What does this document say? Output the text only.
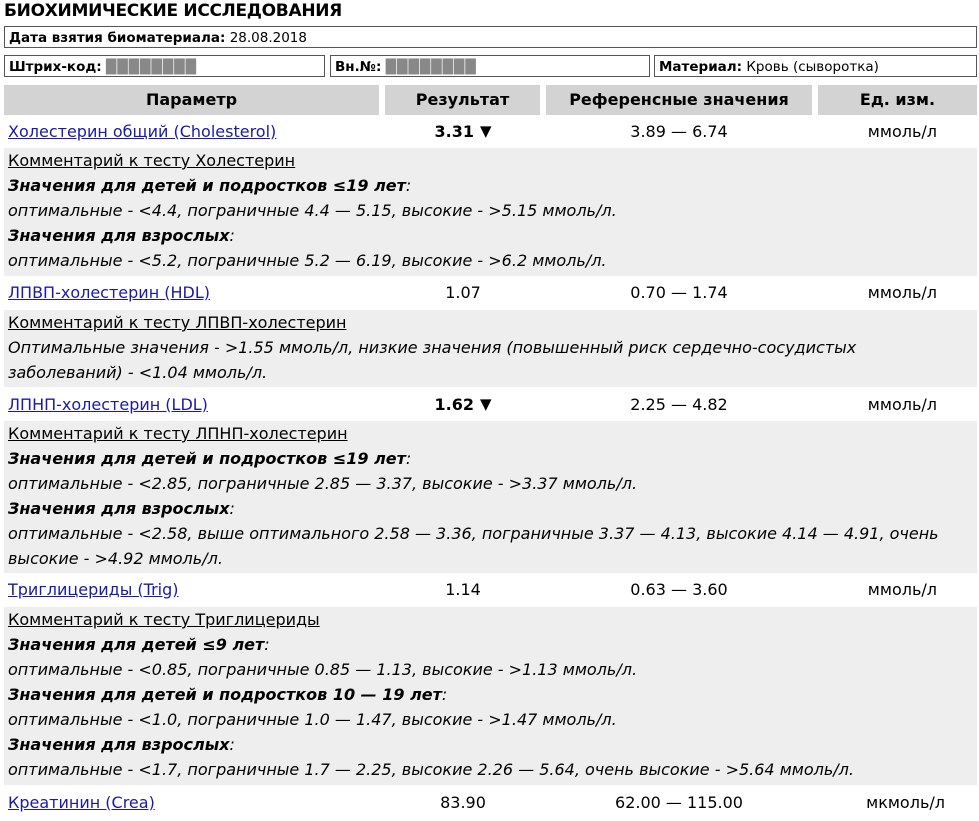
БИОХИМИЧЕСКИЕ ИССЛЕДОВАНИЯ
Дата взятия биоматериала: 28.08.2018
Штрих-код: ████████	Вн.№: ████████	Материал: Кровь (сыворотка)
Параметр	Результат	Референсные значения	Ед. изм.
Холестерин общий (Cholesterol)	3.31 ▼	3.89 — 6.74	ммоль/л
Комментарий к тесту Холестерин
Значения для детей и подростков ≤19 лет:
оптимальные - <4.4, пограничные 4.4 — 5.15, высокие - >5.15 ммоль/л.
Значения для взрослых:
оптимальные - <5.2, пограничные 5.2 — 6.19, высокие - >6.2 ммоль/л.
ЛПВП-холестерин (HDL)	1.07	0.70 — 1.74	ммоль/л
Комментарий к тесту ЛПВП-холестерин
Оптимальные значения - >1.55 ммоль/л, низкие значения (повышенный риск сердечно-сосудистых
заболеваний) - <1.04 ммоль/л.
ЛПНП-холестерин (LDL)	1.62 ▼	2.25 — 4.82	ммоль/л
Комментарий к тесту ЛПНП-холестерин
Значения для детей и подростков ≤19 лет:
оптимальные - <2.85, пограничные 2.85 — 3.37, высокие - >3.37 ммоль/л.
Значения для взрослых:
оптимальные - <2.58, выше оптимального 2.58 — 3.36, пограничные 3.37 — 4.13, высокие 4.14 — 4.91, очень
высокие - >4.92 ммоль/л.
Триглицериды (Trig)	1.14	0.63 — 3.60	ммоль/л
Комментарий к тесту Триглицериды
Значения для детей ≤9 лет:
оптимальные - <0.85, пограничные 0.85 — 1.13, высокие - >1.13 ммоль/л.
Значения для детей и подростков 10 — 19 лет:
оптимальные - <1.0, пограничные 1.0 — 1.47, высокие - >1.47 ммоль/л.
Значения для взрослых:
оптимальные - <1.7, пограничные 1.7 — 2.25, высокие 2.26 — 5.64, очень высокие - >5.64 ммоль/л.
Креатинин (Crea)	83.90	62.00 — 115.00	мкмоль/л
